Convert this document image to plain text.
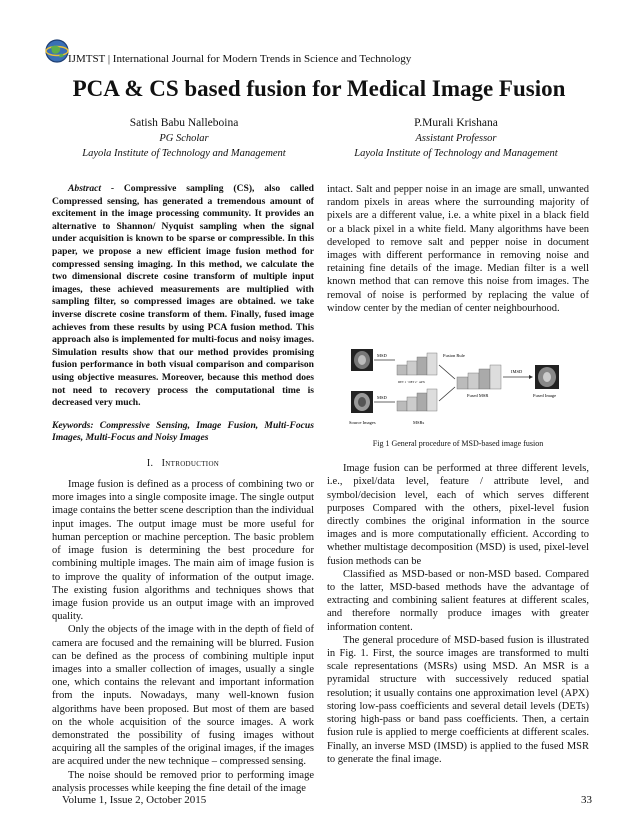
IJMTST | International Journal for Modern Trends in Science and Technology
PCA & CS based fusion for Medical Image Fusion
Satish Babu Nalleboina
PG Scholar
Layola Institute of Technology and Management
P.Murali Krishana
Assistant Professor
Layola Institute of Technology and Management

Abstract - Compressive sampling (CS), also called Compressed sensing, has generated a tremendous amount of excitement in the image processing community. It provides an alternative to Shannon/ Nyquist sampling when the signal under acquisition is known to be sparse or compressible. In this paper, we propose a new efficient image fusion method for compressed sensing imaging. In this method, we calculate the two dimensional discrete cosine transform of multiple input images, these achieved measurements are multiplied with sampling filter, so compressed images are obtained. we take inverse discrete cosine transform of them. Finally, fused image achieves from these results by using PCA fusion method. This approach also is implemented for multi-focus and noisy images. Simulation results show that our method provides promising fusion performance in both visual comparison and comparison using objective measures. Moreover, because this method does not need to recovery process the computational time is decreased very much.

Keywords: Compressive Sensing, Image Fusion, Multi-Focus Images, Multi-Focus and Noisy Images

I. Introduction

Image fusion is defined as a process of combining two or more images into a single composite image. The single output image contains the better scene description than the individual input images. The output image must be more useful for human perception or machine perception. The basic problem of image fusion is determining the best procedure for combining multiple images. The main aim of image fusion is to improve the quality of information of the output image. The existing fusion algorithms and techniques shows that image fusion provide us an output image with an improved quality.

Only the objects of the image with in the depth of field of camera are focused and the remaining will be blurred. Fusion can be defined as the process of combining multiple input images into a smaller collection of images, usually a single one, which contains the relevant and important information from the inputs. Nowadays, many well-known fusion algorithms have been proposed. But most of them are based on the whole acquisition of the source images. A work demonstrated the possibility of fusing images without acquiring all the samples of the original images, if the images are acquired under the new technique – compressed sensing.

The noise should be removed prior to performing image analysis processes while keeping the fine detail of the image

intact. Salt and pepper noise in an image are small, unwanted random pixels in areas where the surrounding majority of pixels are a different value, i.e. a white pixel in a black field or a black pixel in a white field. Many algorithms have been developed to remove salt and pepper noise in document images with different performance in removing noise and retaining fine details of the image. Median filter is a well known method that can remove this noise from images. The removal of noise is performed by replacing the value of window center by the median of center neighbourhood.

MSD
MSD
DET 1 · DET 2 · APX
Fusion Rule
IMSD
Source Images	MSRs
Fused MSR	Fused Image

Fig 1 General procedure of MSD-based image fusion

Image fusion can be performed at three different levels, i.e., pixel/data level, feature / attribute level, and symbol/decision level, each of which serves different purposes Compared with the others, pixel-level fusion directly combines the original information in the source images and is more computationally efficient. According to whether multistage decomposition (MSD) is used, pixel-level fusion methods can be

Classified as MSD-based or non-MSD based. Compared to the latter, MSD-based methods have the advantage of extracting and combining salient features at different scales, and therefore normally produce images with greater information content.

The general procedure of MSD-based fusion is illustrated in Fig. 1. First, the source images are transformed to multi scale representations (MSRs) using MSD. An MSR is a pyramidal structure with successively reduced spatial resolution; it usually contains one approximation level (APX) storing low-pass coefficients and several detail levels (DETs) storing high-pass or band pass coefficients. Then, a certain fusion rule is applied to merge coefficients at different scales. Finally, an inverse MSD (IMSD) is applied to the fused MSR to generate the final image.

Volume 1, Issue 2, October 2015	33
